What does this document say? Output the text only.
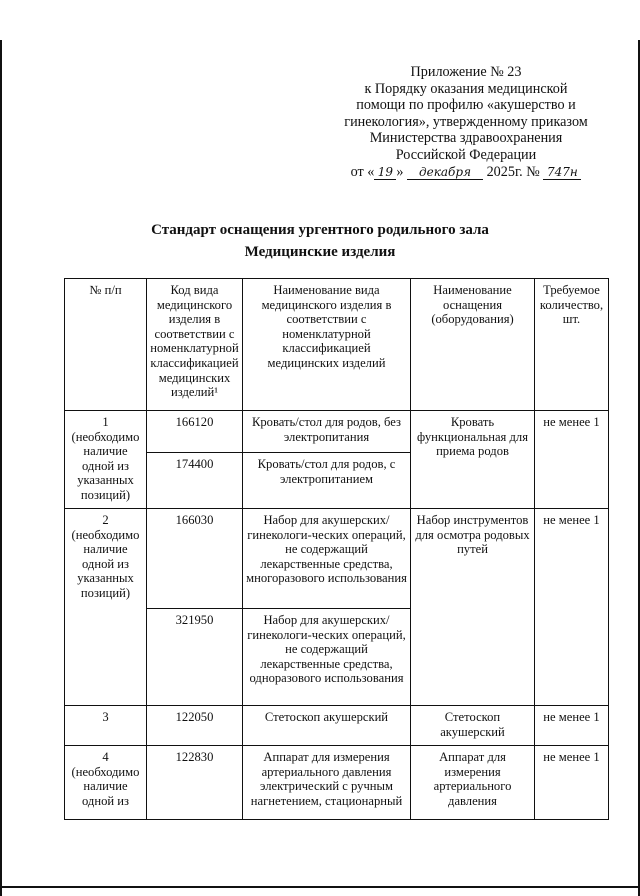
Приложение № 23
к Порядку оказания медицинской
помощи по профилю «акушерство и
гинекология», утвержденному приказом
Министерства здравоохранения
Российской Федерации
от « 19 » декабря 2025г. № 747н
Стандарт оснащения ургентного родильного зала
Медицинские изделия
№ п/п	Код вида медицинского изделия в соответствии с номенклатурной классификацией медицинских изделий¹	Наименование вида медицинского изделия в соответствии с номенклатурной классификацией медицинских изделий	Наименование оснащения (оборудования)	Требуемое количество, шт.
1 (необходимо наличие одной из указанных позиций)	166120	Кровать/стол для родов, без электропитания	Кровать функциональная для приема родов	не менее 1
	174400	Кровать/стол для родов, с электропитанием		
2 (необходимо наличие одной из указанных позиций)	166030	Набор для акушерских/гинекологи-ческих операций, не содержащий лекарственные средства, многоразового использования	Набор инструментов для осмотра родовых путей	не менее 1
	321950	Набор для акушерских/гинекологи-ческих операций, не содержащий лекарственные средства, одноразового использования		
3	122050	Стетоскоп акушерский	Стетоскоп акушерский	не менее 1
4 (необходимо наличие одной из	122830	Аппарат для измерения артериального давления электрический с ручным нагнетением, стационарный	Аппарат для измерения артериального давления	не менее 1
